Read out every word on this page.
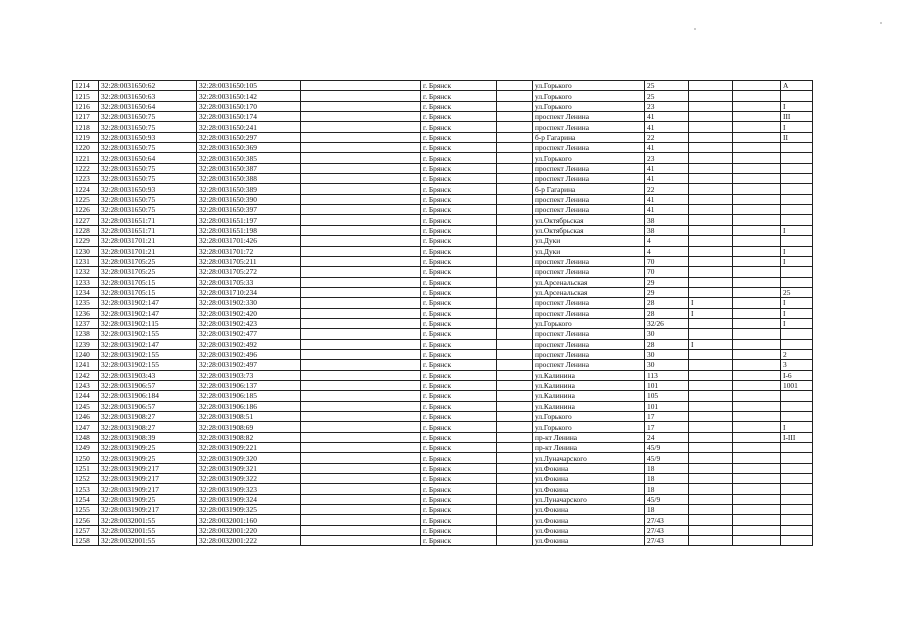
1214	32:28:0031650:62	32:28:0031650:105		г. Брянск		ул.Горького	25			А
1215	32:28:0031650:63	32:28:0031650:142		г. Брянск		ул.Горького	25			
1216	32:28:0031650:64	32:28:0031650:170		г. Брянск		ул.Горького	23			I
1217	32:28:0031650:75	32:28:0031650:174		г. Брянск		проспект Ленина	41			III
1218	32:28:0031650:75	32:28:0031650:241		г. Брянск		проспект Ленина	41			I
1219	32:28:0031650:93	32:28:0031650:297		г. Брянск		б-р Гагарина	22			II
1220	32:28:0031650:75	32:28:0031650:369		г. Брянск		проспект Ленина	41			
1221	32:28:0031650:64	32:28:0031650:385		г. Брянск		ул.Горького	23			
1222	32:28:0031650:75	32:28:0031650:387		г. Брянск		проспект Ленина	41			
1223	32:28:0031650:75	32:28:0031650:388		г. Брянск		проспект Ленина	41			
1224	32:28:0031650:93	32:28:0031650:389		г. Брянск		б-р Гагарина	22			
1225	32:28:0031650:75	32:28:0031650:390		г. Брянск		проспект Ленина	41			
1226	32:28:0031650:75	32:28:0031650:397		г. Брянск		проспект Ленина	41			
1227	32:28:0031651:71	32:28:0031651:197		г. Брянск		ул.Октябрьская	38			
1228	32:28:0031651:71	32:28:0031651:198		г. Брянск		ул.Октябрьская	38			I
1229	32:28:0031701:21	32:28:0031701:426		г. Брянск		ул.Дуки	4			
1230	32:28:0031701:21	32:28:0031701:72		г. Брянск		ул.Дуки	4			I
1231	32:28:0031705:25	32:28:0031705:211		г. Брянск		проспект Ленина	70			I
1232	32:28:0031705:25	32:28:0031705:272		г. Брянск		проспект Ленина	70			
1233	32:28:0031705:15	32:28:0031705:33		г. Брянск		ул.Арсенальская	29			
1234	32:28:0031705:15	32:28:0031710:234		г. Брянск		ул.Арсенальская	29			25
1235	32:28:0031902:147	32:28:0031902:330		г. Брянск		проспект Ленина	28	I		I
1236	32:28:0031902:147	32:28:0031902:420		г. Брянск		проспект Ленина	28	I		I
1237	32:28:0031902:115	32:28:0031902:423		г. Брянск		ул.Горького	32/26			I
1238	32:28:0031902:155	32:28:0031902:477		г. Брянск		проспект Ленина	30			
1239	32:28:0031902:147	32:28:0031902:492		г. Брянск		проспект Ленина	28	I		
1240	32:28:0031902:155	32:28:0031902:496		г. Брянск		проспект Ленина	30			2
1241	32:28:0031902:155	32:28:0031902:497		г. Брянск		проспект Ленина	30			3
1242	32:28:0031903:43	32:28:0031903:73		г. Брянск		ул.Калинина	113			I-6
1243	32:28:0031906:57	32:28:0031906:137		г. Брянск		ул.Калинина	101			1001
1244	32:28:0031906:184	32:28:0031906:185		г. Брянск		ул.Калинина	105			
1245	32:28:0031906:57	32:28:0031906:186		г. Брянск		ул.Калинина	101			
1246	32:28:0031908:27	32:28:0031908:51		г. Брянск		ул.Горького	17			
1247	32:28:0031908:27	32:28:0031908:69		г. Брянск		ул.Горького	17			I
1248	32:28:0031908:39	32:28:0031908:82		г. Брянск		пр-кт Ленина	24			I-III
1249	32:28:0031909:25	32:28:0031909:221		г. Брянск		пр-кт Ленина	45/9			
1250	32:28:0031909:25	32:28:0031909:320		г. Брянск		ул.Луначарского	45/9			
1251	32:28:0031909:217	32:28:0031909:321		г. Брянск		ул.Фокина	18			
1252	32:28:0031909:217	32:28:0031909:322		г. Брянск		ул.Фокина	18			
1253	32:28:0031909:217	32:28:0031909:323		г. Брянск		ул.Фокина	18			
1254	32:28:0031909:25	32:28:0031909:324		г. Брянск		ул.Луначарского	45/9			
1255	32:28:0031909:217	32:28:0031909:325		г. Брянск		ул.Фокина	18			
1256	32:28:0032001:55	32:28:0032001:160		г. Брянск		ул.Фокина	27/43			
1257	32:28:0032001:55	32:28:0032001:220		г. Брянск		ул.Фокина	27/43			
1258	32:28:0032001:55	32:28:0032001:222		г. Брянск		ул.Фокина	27/43			
